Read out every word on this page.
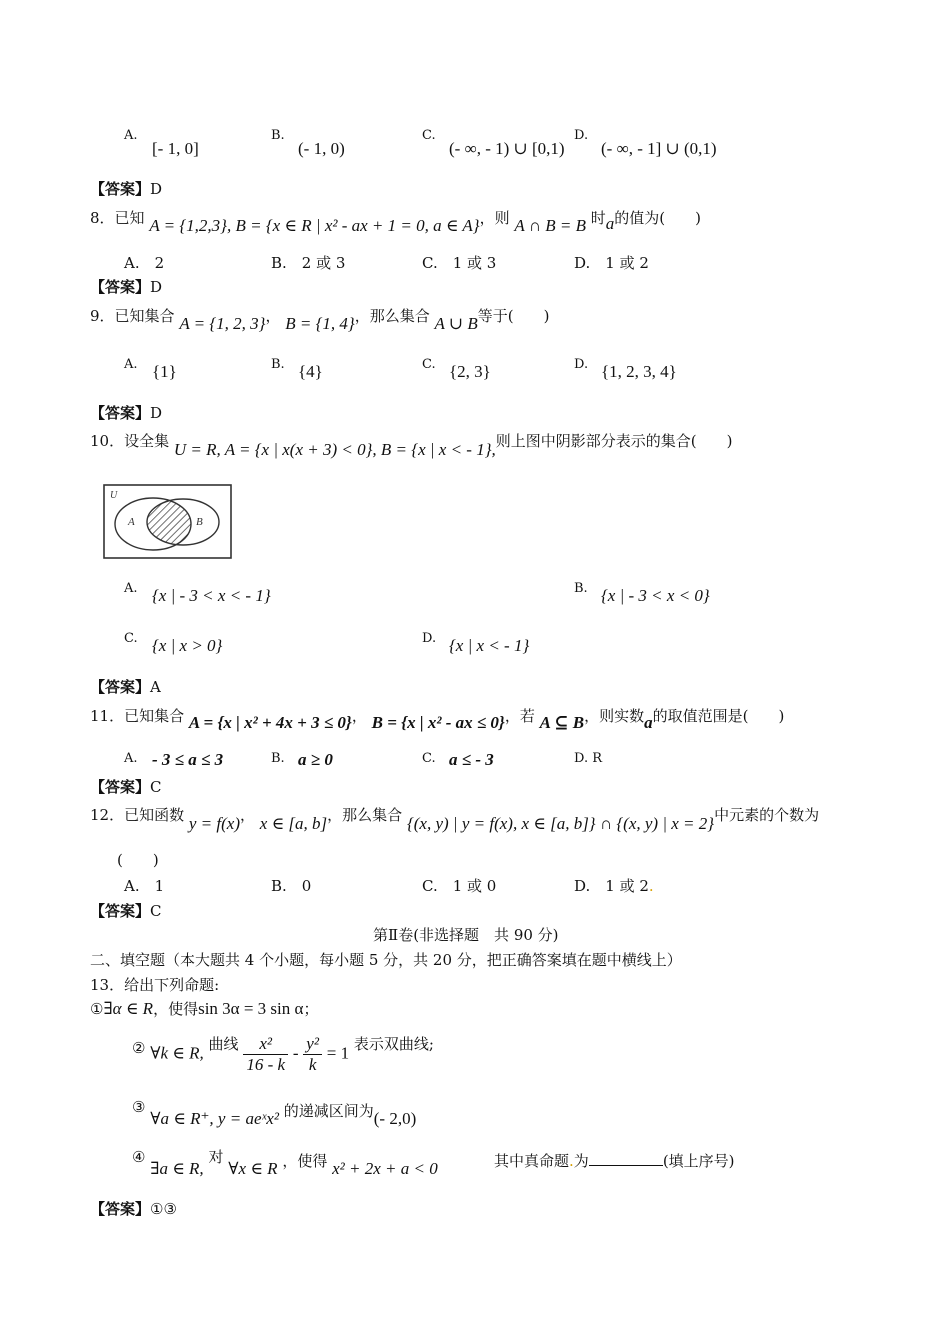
A.
[- 1, 0]
B.
(- 1, 0)
C.
(- ∞, - 1) ∪ [0,1)
D.
(- ∞, - 1] ∪ (0,1)
【答案】D
8．已知 A = {1,2,3}, B = {x ∈ R | x² - ax + 1 = 0, a ∈ A}，则 A ∩ B = B 时a的值为(　　)
A.　2	B.　2 或 3	C.　1 或 3	D.　1 或 2
【答案】D
9．已知集合 A = {1, 2, 3}， B = {1, 4}，那么集合 A ∪ B等于(　　)
A. {1}	B. {4}	C. {2, 3}	D. {1, 2, 3, 4}
【答案】D
10．设全集 U = R, A = {x | x(x + 3) < 0}, B = {x | x < - 1},则上图中阴影部分表示的集合(　　)
U
A	B
A. {x | - 3 < x < - 1}	B. {x | - 3 < x < 0}
C. {x | x > 0}	D. {x | x < - 1}
【答案】A
11．已知集合 A = {x | x² + 4x + 3 ≤ 0}， B = {x | x² - ax ≤ 0}，若 A ⊆ B，则实数a的取值范围是(　　)
A. - 3 ≤ a ≤ 3	B. a ≥ 0	C. a ≤ - 3	D. R
【答案】C
12．已知函数 y = f(x)， x ∈ [a, b]，那么集合 {(x, y) | y = f(x), x ∈ [a, b]} ∩ {(x, y) | x = 2}中元素的个数为
(　　)
A.　1	B.　0	C.　1 或 0	D.　1 或 2.
【答案】C
第Ⅱ卷(非选择题　共 90 分)
二、填空题（本大题共 4 个小题，每小题 5 分，共 20 分，把正确答案填在题中横线上）
13．给出下列命题:
①∃α ∈ R，使得sin 3α = 3 sin α；
② ∀k ∈ R, 曲线 $\frac{\text{x²}}{16 - k} - \frac{\text{y²}}{k} = 1$ 表示双曲线;
③ ∀a ∈ R⁺, y = aeˣx² 的递减区间为(- 2,0)
④ ∃a ∈ R, 对 ∀x ∈ R ，使得 x² + 2x + a < 0	其中真命题.为	(填上序号)
【答案】①③
